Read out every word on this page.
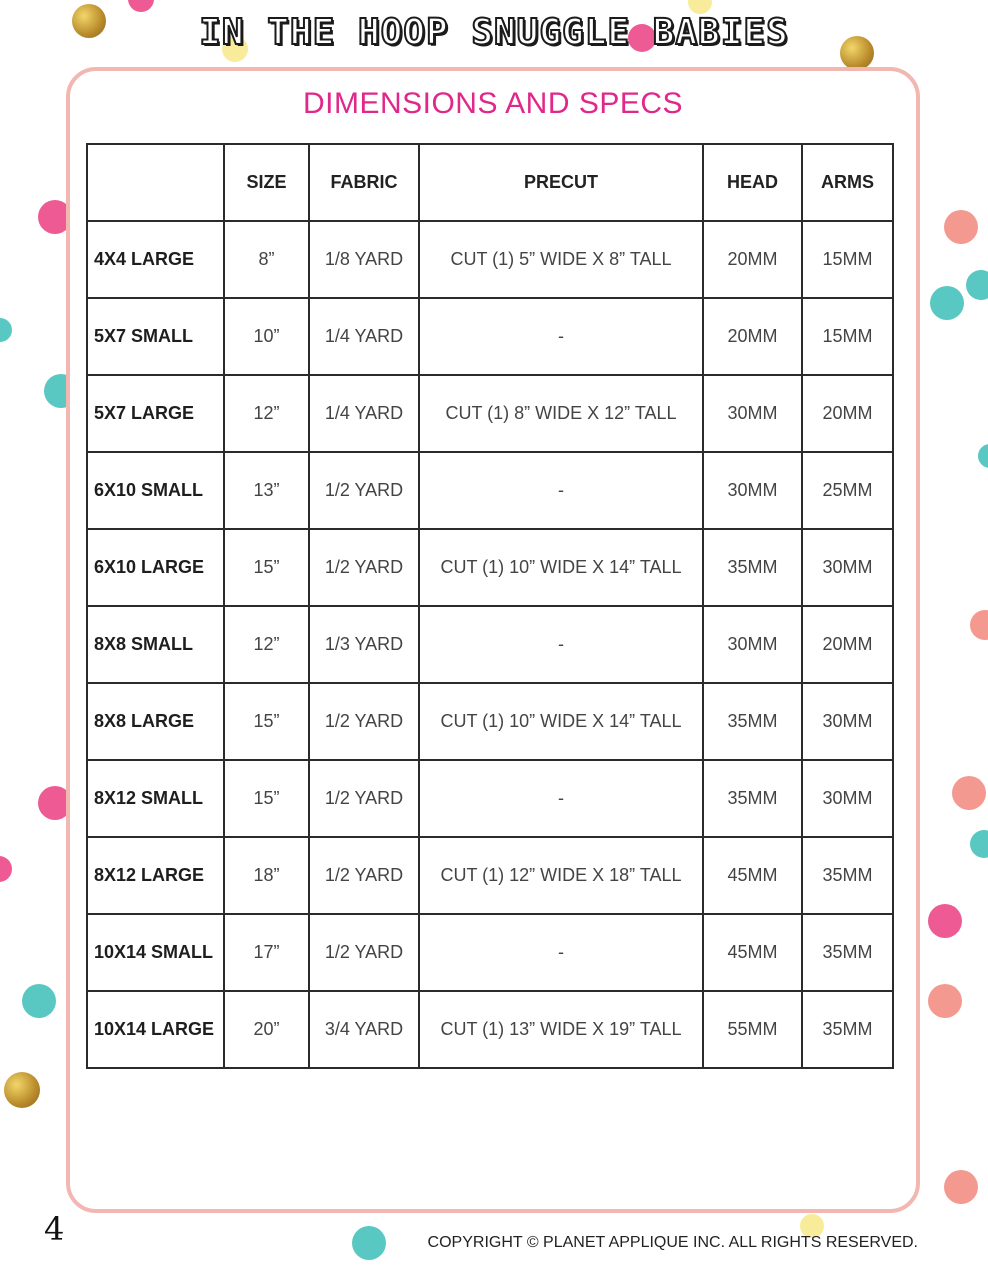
IN THE HOOP SNUGGLE BABIES
DIMENSIONS AND SPECS
	SIZE	FABRIC	PRECUT	HEAD	ARMS
4X4 LARGE	8”	1/8 YARD	CUT (1) 5” WIDE X 8” TALL	20MM	15MM
5X7 SMALL	10”	1/4 YARD	-	20MM	15MM
5X7 LARGE	12”	1/4 YARD	CUT (1) 8” WIDE X 12” TALL	30MM	20MM
6X10 SMALL	13”	1/2 YARD	-	30MM	25MM
6X10 LARGE	15”	1/2 YARD	CUT (1) 10” WIDE X 14” TALL	35MM	30MM
8X8 SMALL	12”	1/3 YARD	-	30MM	20MM
8X8 LARGE	15”	1/2 YARD	CUT (1) 10” WIDE X 14” TALL	35MM	30MM
8X12 SMALL	15”	1/2 YARD	-	35MM	30MM
8X12 LARGE	18”	1/2 YARD	CUT (1) 12” WIDE X 18” TALL	45MM	35MM
10X14 SMALL	17”	1/2 YARD	-	45MM	35MM
10X14 LARGE	20”	3/4 YARD	CUT (1) 13” WIDE X 19” TALL	55MM	35MM
4	COPYRIGHT © PLANET APPLIQUE INC. ALL RIGHTS RESERVED.
